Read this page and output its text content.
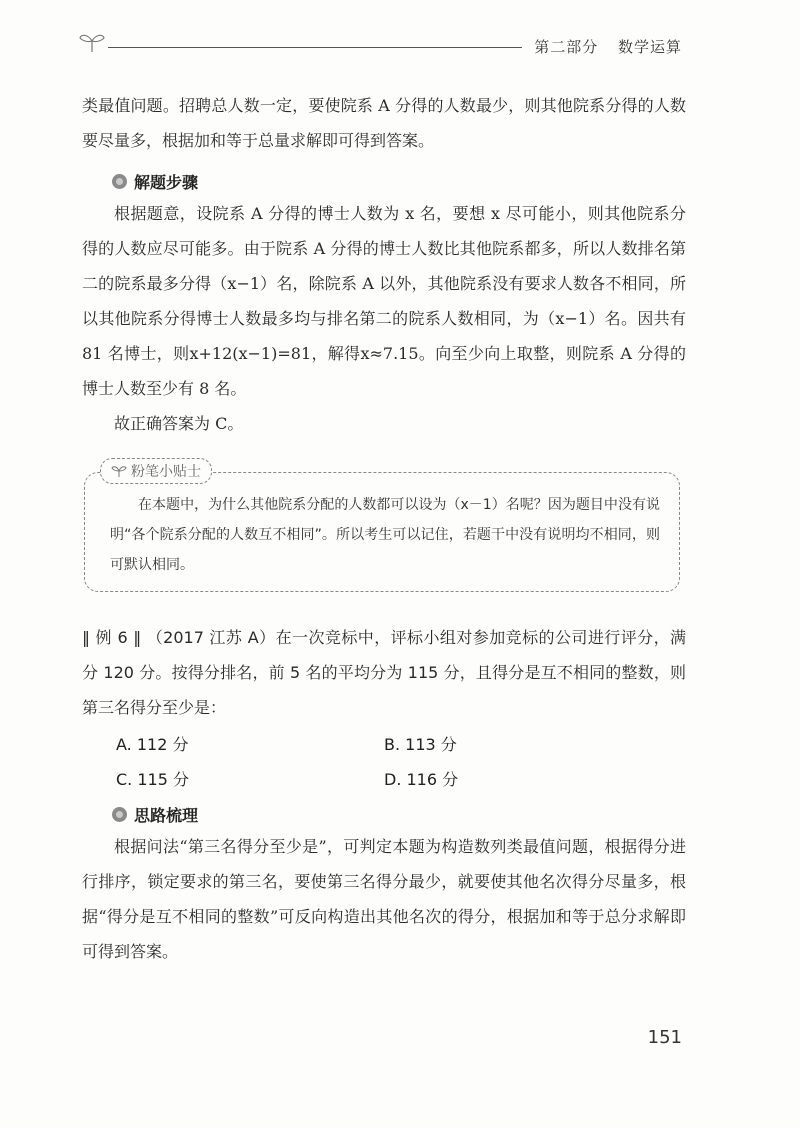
第二部分 数学运算

类最值问题。招聘总人数一定，要使院系 A 分得的人数最少，则其他院系分得的人数要尽量多，根据加和等于总量求解即可得到答案。

解题步骤

根据题意，设院系 A 分得的博士人数为 x 名，要想 x 尽可能小，则其他院系分得的人数应尽可能多。由于院系 A 分得的博士人数比其他院系都多，所以人数排名第二的院系最多分得（x−1）名，除院系 A 以外，其他院系没有要求人数各不相同，所以其他院系分得博士人数最多均与排名第二的院系人数相同，为（x−1）名。因共有 81 名博士，则x+12(x−1)=81，解得x≈7.15。向至少向上取整，则院系 A 分得的博士人数至少有 8 名。

故正确答案为 C。

粉笔小贴士

在本题中，为什么其他院系分配的人数都可以设为（x－1）名呢？因为题目中没有说明“各个院系分配的人数互不相同”。所以考生可以记住，若题干中没有说明均不相同，则可默认相同。

‖ 例 6 ‖ （2017 江苏 A）在一次竞标中，评标小组对参加竞标的公司进行评分，满分 120 分。按得分排名，前 5 名的平均分为 115 分，且得分是互不相同的整数，则第三名得分至少是：

A. 112 分	B. 113 分
C. 115 分	D. 116 分
思路梳理

根据问法“第三名得分至少是”，可判定本题为构造数列类最值问题，根据得分进行排序，锁定要求的第三名，要使第三名得分最少，就要使其他名次得分尽量多，根据“得分是互不相同的整数”可反向构造出其他名次的得分，根据加和等于总分求解即可得到答案。

151
